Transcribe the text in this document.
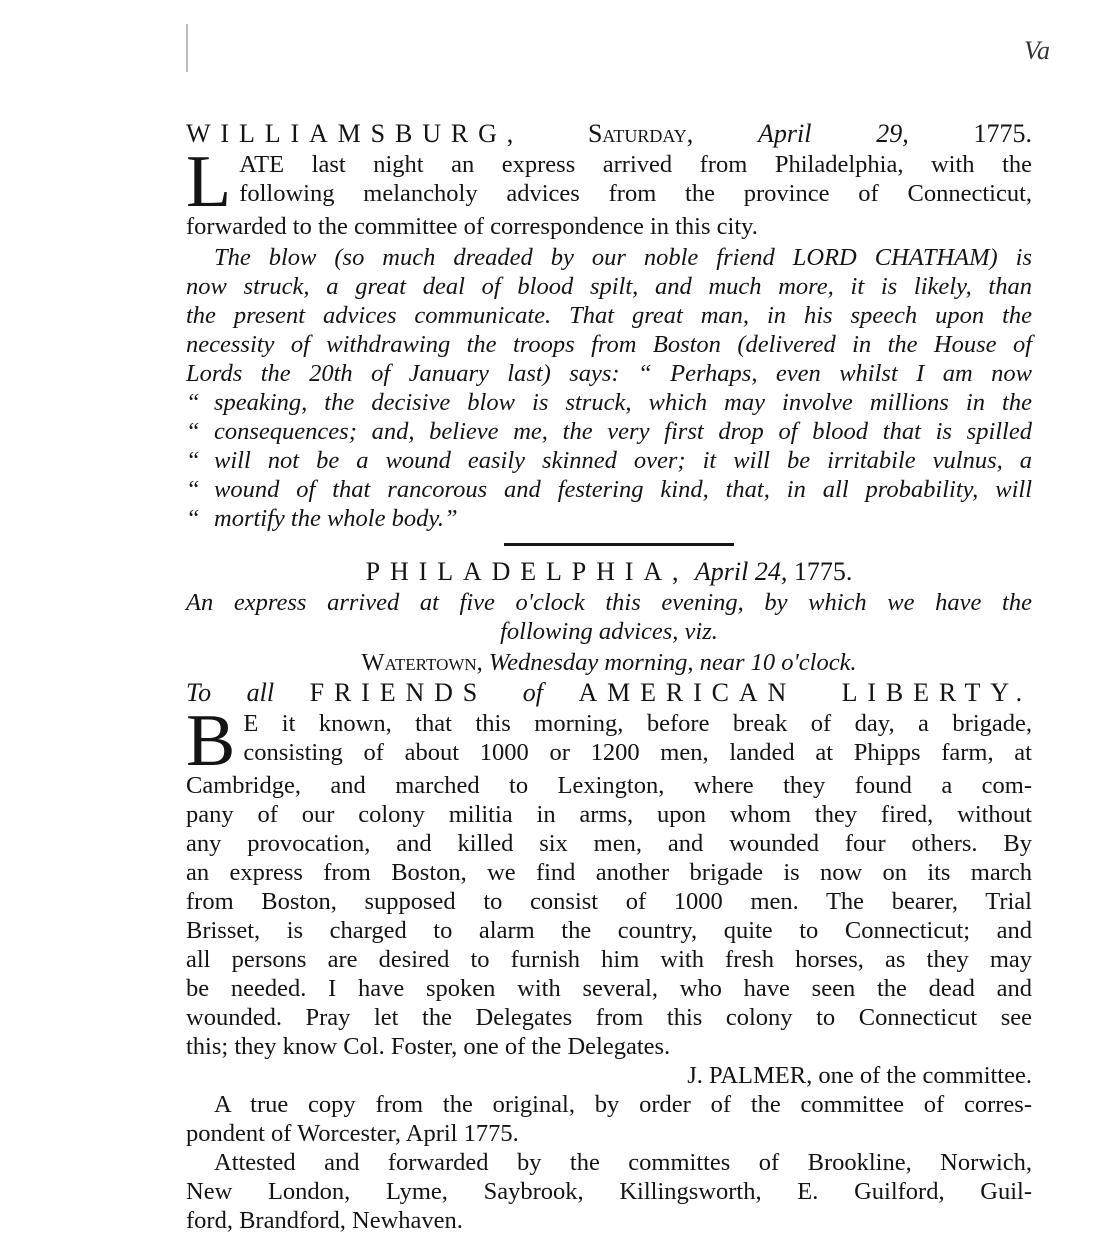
Va
WILLIAMSBURG, Saturday, April 29, 1775.
L ATE last night an express arrived from Philadelphia, with the
following melancholy advices from the province of Connecticut,
forwarded to the committee of correspondence in this city.
The blow (so much dreaded by our noble friend LORD CHATHAM) is
now struck, a great deal of blood spilt, and much more, it is likely, than
the present advices communicate. That great man, in his speech upon the
necessity of withdrawing the troops from Boston (delivered in the House of
Lords the 20th of January last) says: “ Perhaps, even whilst I am now
“ speaking, the decisive blow is struck, which may involve millions in the
“ consequences; and, believe me, the very first drop of blood that is spilled
“ will not be a wound easily skinned over; it will be irritabile vulnus, a
“ wound of that rancorous and festering kind, that, in all probability, will
“ mortify the whole body.”
PHILADELPHIA, April 24, 1775.
An express arrived at five o'clock this evening, by which we have the
following advices, viz.
Watertown, Wednesday morning, near 10 o'clock.
To all FRIENDS of AMERICAN LIBERTY.
B E it known, that this morning, before break of day, a brigade,
consisting of about 1000 or 1200 men, landed at Phipps farm, at
Cambridge, and marched to Lexington, where they found a com-
pany of our colony militia in arms, upon whom they fired, without
any provocation, and killed six men, and wounded four others. By
an express from Boston, we find another brigade is now on its march
from Boston, supposed to consist of 1000 men. The bearer, Trial
Brisset, is charged to alarm the country, quite to Connecticut; and
all persons are desired to furnish him with fresh horses, as they may
be needed. I have spoken with several, who have seen the dead and
wounded. Pray let the Delegates from this colony to Connecticut see
this; they know Col. Foster, one of the Delegates.
J. PALMER, one of the committee.
A true copy from the original, by order of the committee of corres-
pondent of Worcester, April 1775.
Attested and forwarded by the committes of Brookline, Norwich,
New London, Lyme, Saybrook, Killingsworth, E. Guilford, Guil-
ford, Brandford, Newhaven.
